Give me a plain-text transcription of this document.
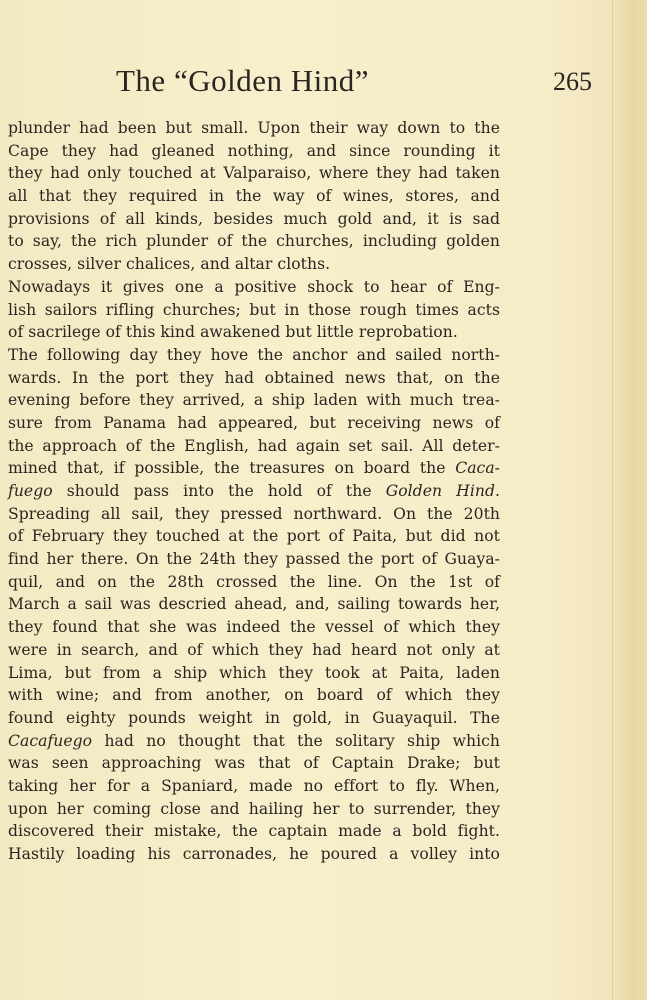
The “Golden Hind”	265
plunder had been but small. Upon their way down to the
Cape they had gleaned nothing, and since rounding it
they had only touched at Valparaiso, where they had taken
all that they required in the way of wines, stores, and
provisions of all kinds, besides much gold and, it is sad
to say, the rich plunder of the churches, including golden
crosses, silver chalices, and altar cloths.
Nowadays it gives one a positive shock to hear of Eng-
lish sailors rifling churches; but in those rough times acts
of sacrilege of this kind awakened but little reprobation.
The following day they hove the anchor and sailed north-
wards. In the port they had obtained news that, on the
evening before they arrived, a ship laden with much trea-
sure from Panama had appeared, but receiving news of
the approach of the English, had again set sail. All deter-
mined that, if possible, the treasures on board the Caca-
fuego should pass into the hold of the Golden Hind.
Spreading all sail, they pressed northward. On the 20th
of February they touched at the port of Paita, but did not
find her there. On the 24th they passed the port of Guaya-
quil, and on the 28th crossed the line. On the 1st of
March a sail was descried ahead, and, sailing towards her,
they found that she was indeed the vessel of which they
were in search, and of which they had heard not only at
Lima, but from a ship which they took at Paita, laden
with wine; and from another, on board of which they
found eighty pounds weight in gold, in Guayaquil. The
Cacafuego had no thought that the solitary ship which
was seen approaching was that of Captain Drake; but
taking her for a Spaniard, made no effort to fly. When,
upon her coming close and hailing her to surrender, they
discovered their mistake, the captain made a bold fight.
Hastily loading his carronades, he poured a volley into
